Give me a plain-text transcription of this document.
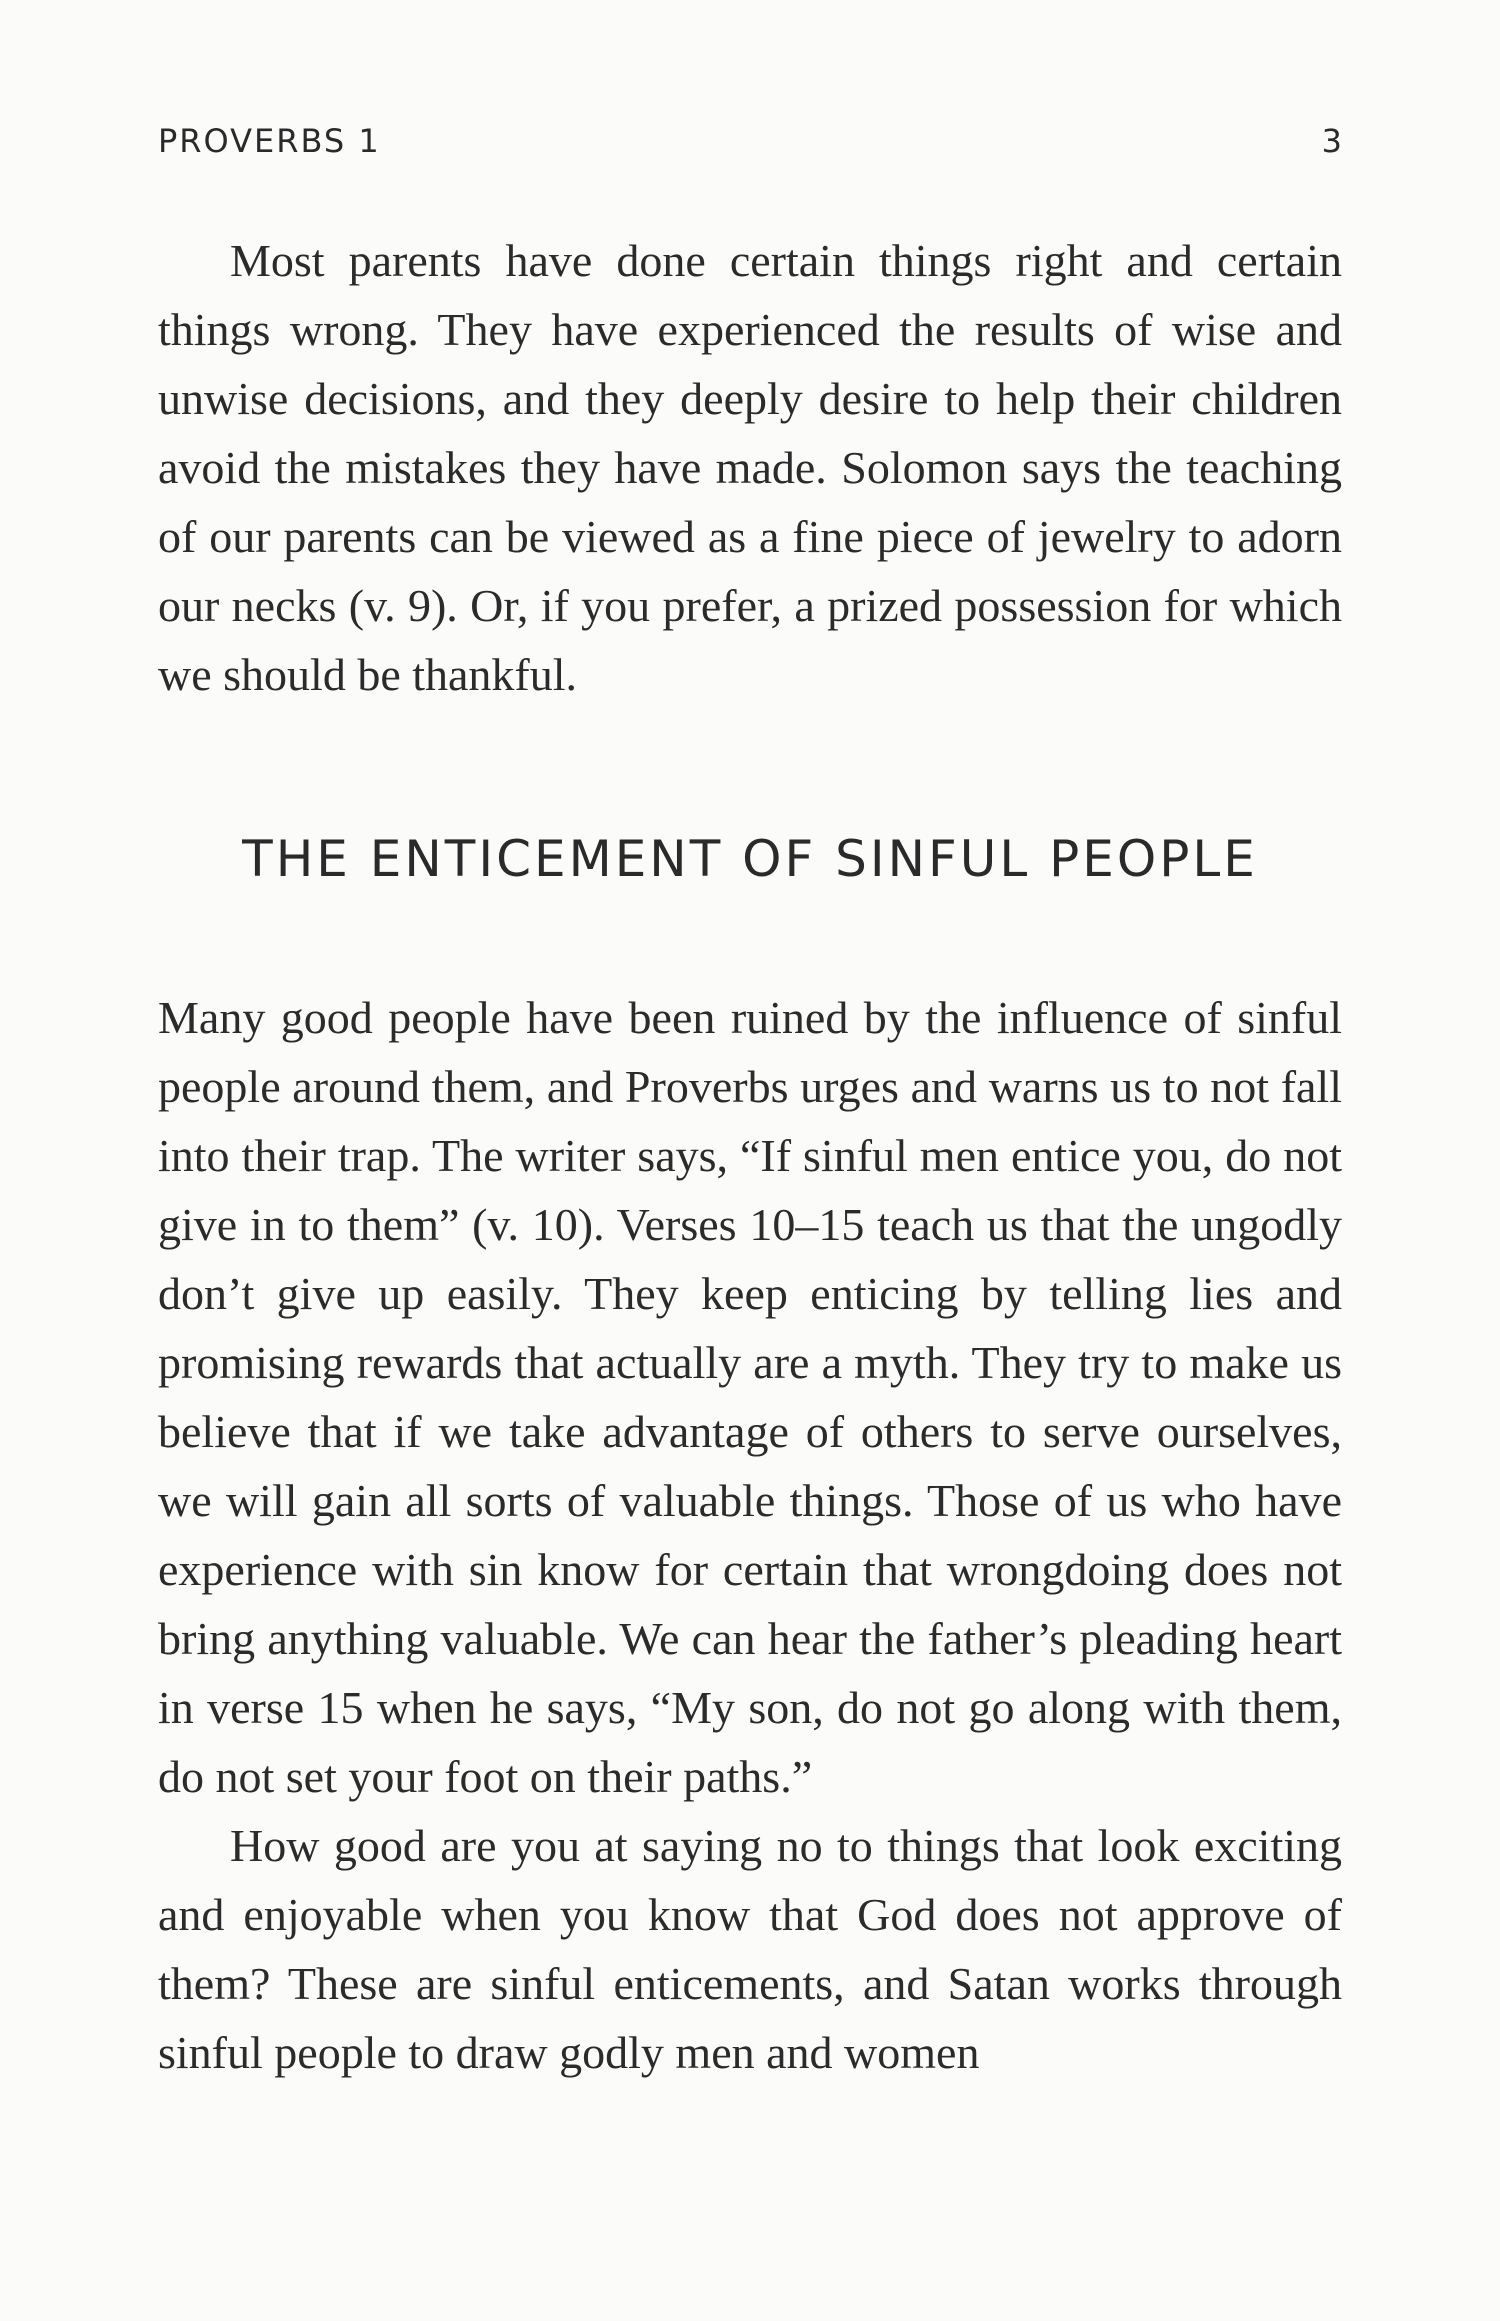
PROVERBS 1	3

Most parents have done certain things right and certain things wrong. They have experienced the results of wise and unwise decisions, and they deeply desire to help their children avoid the mistakes they have made. Solomon says the teaching of our parents can be viewed as a fine piece of jewelry to adorn our necks (v. 9). Or, if you prefer, a prized possession for which we should be thankful.

THE ENTICEMENT OF SINFUL PEOPLE

Many good people have been ruined by the influence of sinful people around them, and Proverbs urges and warns us to not fall into their trap. The writer says, “If sinful men entice you, do not give in to them” (v. 10). Verses 10–15 teach us that the ungodly don’t give up easily. They keep enticing by telling lies and promising rewards that actually are a myth. They try to make us believe that if we take advantage of others to serve ourselves, we will gain all sorts of valuable things. Those of us who have experience with sin know for certain that wrongdoing does not bring anything valuable. We can hear the father’s pleading heart in verse 15 when he says, “My son, do not go along with them, do not set your foot on their paths.”

How good are you at saying no to things that look exciting and enjoyable when you know that God does not approve of them? These are sinful enticements, and Satan works through sinful people to draw godly men and women
